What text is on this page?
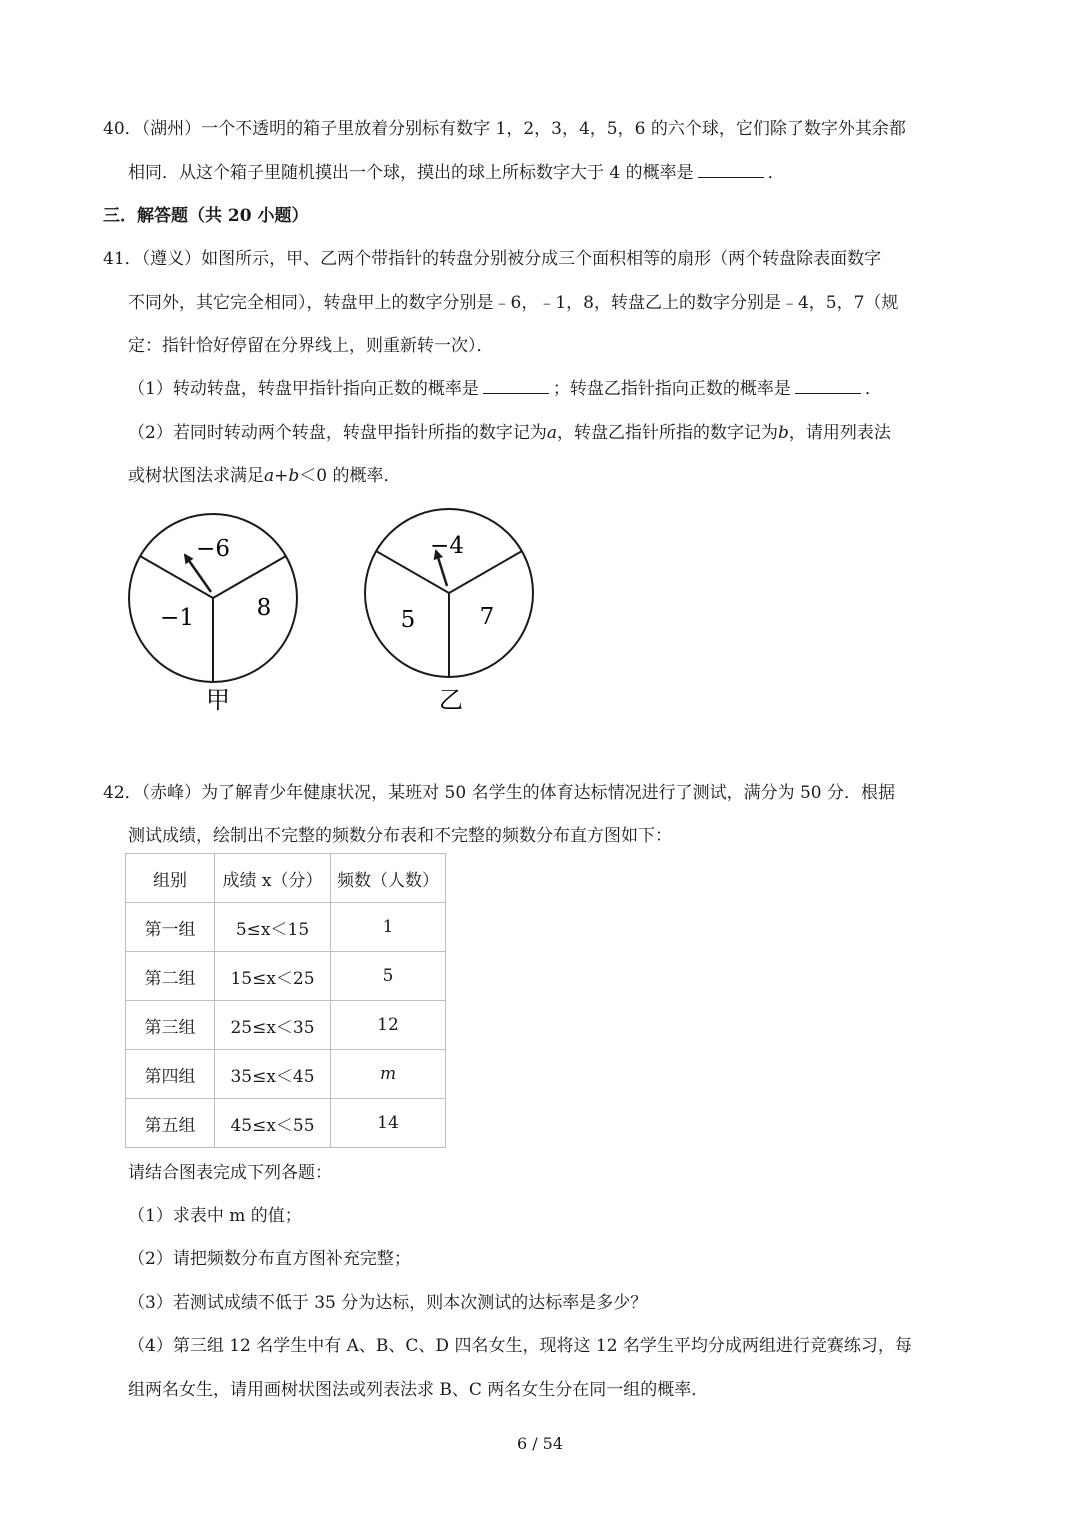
40．（湖州）一个不透明的箱子里放着分别标有数字 1，2，3，4，5，6 的六个球，它们除了数字外其余都
相同．从这个箱子里随机摸出一个球，摸出的球上所标数字大于 4 的概率是	．
三．解答题（共 20 小题）
41．（遵义）如图所示，甲、乙两个带指针的转盘分别被分成三个面积相等的扇形（两个转盘除表面数字
不同外，其它完全相同），转盘甲上的数字分别是﹣6，﹣1，8，转盘乙上的数字分别是﹣4，5，7（规
定：指针恰好停留在分界线上，则重新转一次）．
（1）转动转盘，转盘甲指针指向正数的概率是	；转盘乙指针指向正数的概率是	．
（2）若同时转动两个转盘，转盘甲指针所指的数字记为a，转盘乙指针所指的数字记为b，请用列表法
或树状图法求满足a+b＜0 的概率．
−6
−1	8
甲
−4
5	7
乙
42．（赤峰）为了解青少年健康状况，某班对 50 名学生的体育达标情况进行了测试，满分为 50 分．根据
测试成绩，绘制出不完整的频数分布表和不完整的频数分布直方图如下：
组别	成绩 x（分）	频数（人数）
第一组	5≤x＜15	1
第二组	15≤x＜25	5
第三组	25≤x＜35	12
第四组	35≤x＜45	m
第五组	45≤x＜55	14
请结合图表完成下列各题：
（1）求表中 m 的值；
（2）请把频数分布直方图补充完整；
（3）若测试成绩不低于 35 分为达标，则本次测试的达标率是多少？
（4）第三组 12 名学生中有 A、B、C、D 四名女生，现将这 12 名学生平均分成两组进行竞赛练习，每
组两名女生，请用画树状图法或列表法求 B、C 两名女生分在同一组的概率．
6 / 54
